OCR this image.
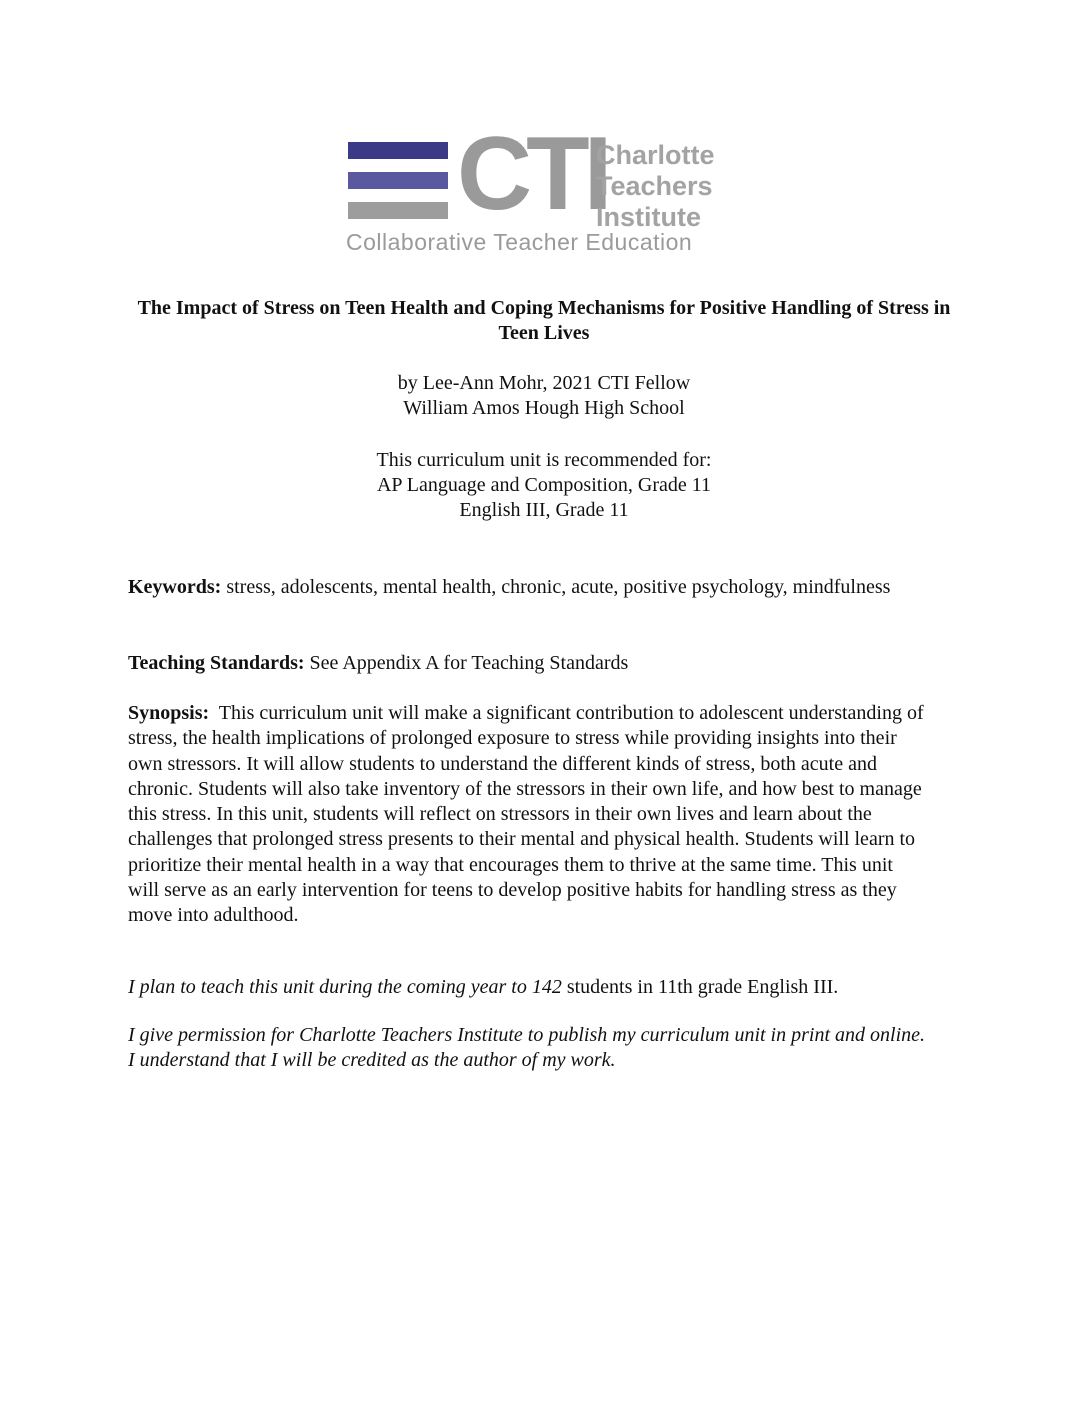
CTI
Charlotte
Teachers
Institute
Collaborative Teacher Education
The Impact of Stress on Teen Health and Coping Mechanisms for Positive Handling of Stress in Teen Lives
by Lee-Ann Mohr, 2021 CTI Fellow
William Amos Hough High School
This curriculum unit is recommended for:
AP Language and Composition, Grade 11
English III, Grade 11

Keywords: stress, adolescents, mental health, chronic, acute, positive psychology, mindfulness

Teaching Standards: See Appendix A for Teaching Standards

Synopsis:  This curriculum unit will make a significant contribution to adolescent understanding of stress, the health implications of prolonged exposure to stress while providing insights into their own stressors. It will allow students to understand the different kinds of stress, both acute and chronic. Students will also take inventory of the stressors in their own life, and how best to manage this stress. In this unit, students will reflect on stressors in their own lives and learn about the challenges that prolonged stress presents to their mental and physical health. Students will learn to prioritize their mental health in a way that encourages them to thrive at the same time. This unit will serve as an early intervention for teens to develop positive habits for handling stress as they move into adulthood.

I plan to teach this unit during the coming year to 142 students in 11th grade English III.

I give permission for Charlotte Teachers Institute to publish my curriculum unit in print and online. I understand that I will be credited as the author of my work.
